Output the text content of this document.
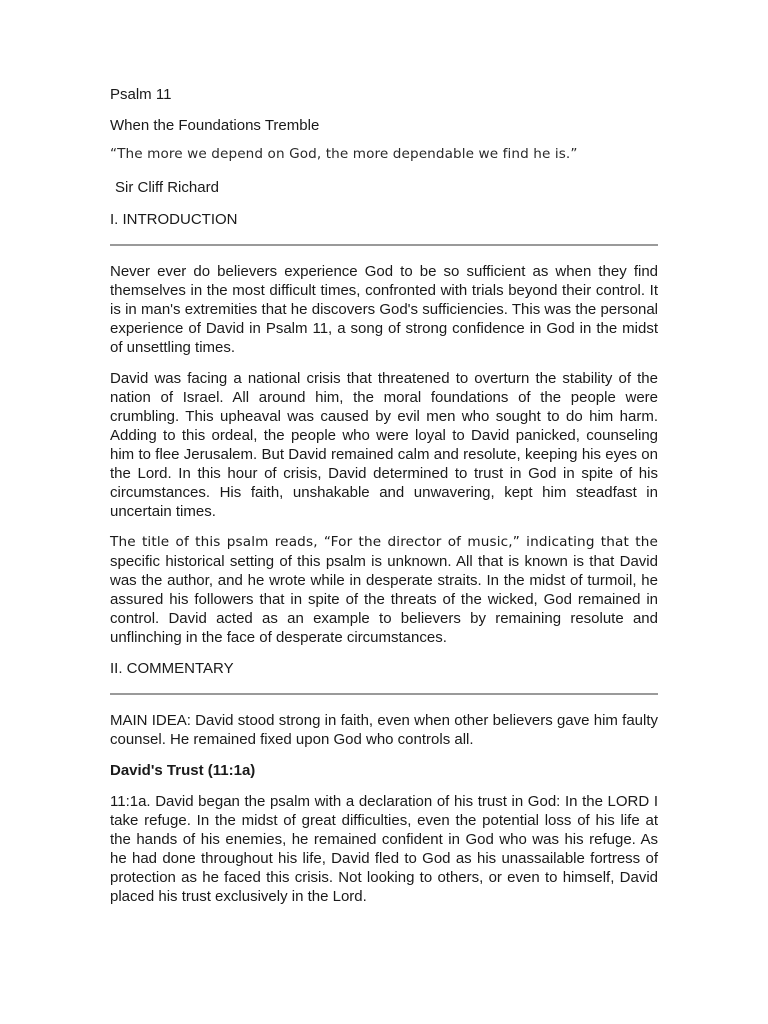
Psalm 11

When the Foundations Tremble

“The more we depend on God, the more dependable we find he is.”

Sir Cliff Richard

I. INTRODUCTION

Never ever do believers experience God to be so sufficient as when they find themselves in the most difficult times, confronted with trials beyond their control. It is in man's extremities that he discovers God's sufficiencies. This was the personal experience of David in Psalm 11, a song of strong confidence in God in the midst of unsettling times.

David was facing a national crisis that threatened to overturn the stability of the nation of Israel. All around him, the moral foundations of the people were crumbling. This upheaval was caused by evil men who sought to do him harm. Adding to this ordeal, the people who were loyal to David panicked, counseling him to flee Jerusalem. But David remained calm and resolute, keeping his eyes on the Lord. In this hour of crisis, David determined to trust in God in spite of his circumstances. His faith, unshakable and unwavering, kept him steadfast in uncertain times.

The title of this psalm reads, “For the director of music,” indicating that the
specific historical setting of this psalm is unknown. All that is known is that David was the author, and he wrote while in desperate straits. In the midst of turmoil, he assured his followers that in spite of the threats of the wicked, God remained in control. David acted as an example to believers by remaining resolute and unflinching in the face of desperate circumstances.

II. COMMENTARY

MAIN IDEA: David stood strong in faith, even when other believers gave him faulty counsel. He remained fixed upon God who controls all.

David's Trust (11:1a)

11:1a. David began the psalm with a declaration of his trust in God: In the LORD I take refuge. In the midst of great difficulties, even the potential loss of his life at the hands of his enemies, he remained confident in God who was his refuge. As he had done throughout his life, David fled to God as his unassailable fortress of protection as he faced this crisis. Not looking to others, or even to himself, David placed his trust exclusively in the Lord.
